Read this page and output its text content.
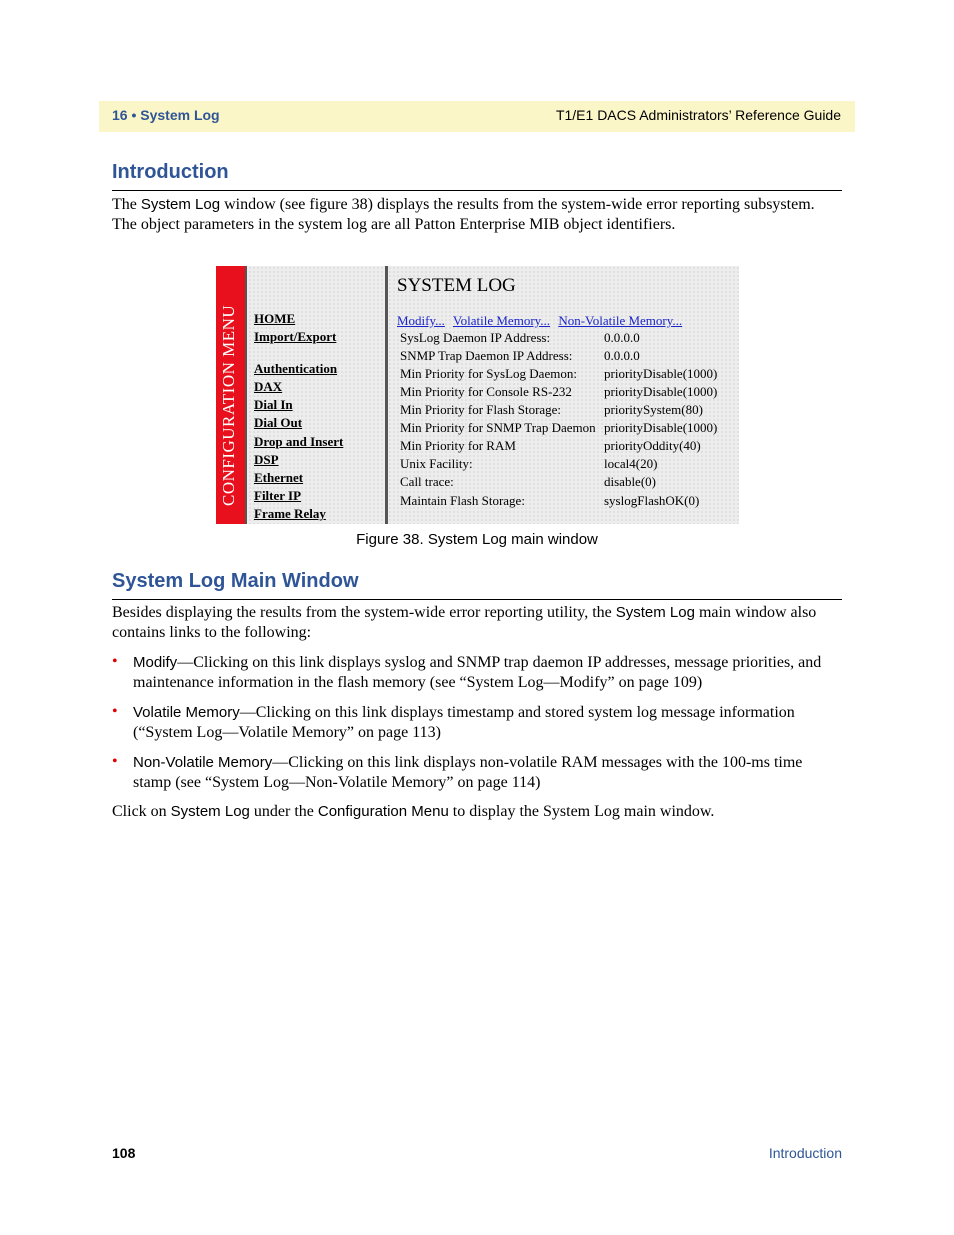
16 • System Log	T1/E1 DACS Administrators’ Reference Guide
Introduction
The System Log window (see figure 38) displays the results from the system-wide error reporting subsystem. The object parameters in the system log are all Patton Enterprise MIB object identifiers.
CONFIGURATION MENU HOME
Import/Export
Authentication
DAX
Dial In
Dial Out
Drop and Insert
DSP
Ethernet
Filter IP
Frame Relay
SYSTEM LOG
Modify... Volatile Memory... Non-Volatile Memory...
SysLog Daemon IP Address:	0.0.0.0
SNMP Trap Daemon IP Address: 0.0.0.0
Min Priority for SysLog Daemon: priorityDisable(1000)
Min Priority for Console RS-232 priorityDisable(1000)
Min Priority for Flash Storage:	prioritySystem(80)
Min Priority for SNMP Trap Daemon priorityDisable(1000)
Min Priority for RAM	priorityOddity(40)
Unix Facility:	local4(20)
Call trace:	disable(0)
Maintain Flash Storage:	syslogFlashOK(0)
Figure 38. System Log main window
System Log Main Window
Besides displaying the results from the system-wide error reporting utility, the System Log main window also contains links to the following:
• Modify—Clicking on this link displays syslog and SNMP trap daemon IP addresses, message priorities, and maintenance information in the flash memory (see “System Log—Modify” on page 109)
• Volatile Memory—Clicking on this link displays timestamp and stored system log message information (“System Log—Volatile Memory” on page 113)
• Non-Volatile Memory—Clicking on this link displays non-volatile RAM messages with the 100-ms time stamp (see “System Log—Non-Volatile Memory” on page 114)
Click on System Log under the Configuration Menu to display the System Log main window.
108	Introduction
